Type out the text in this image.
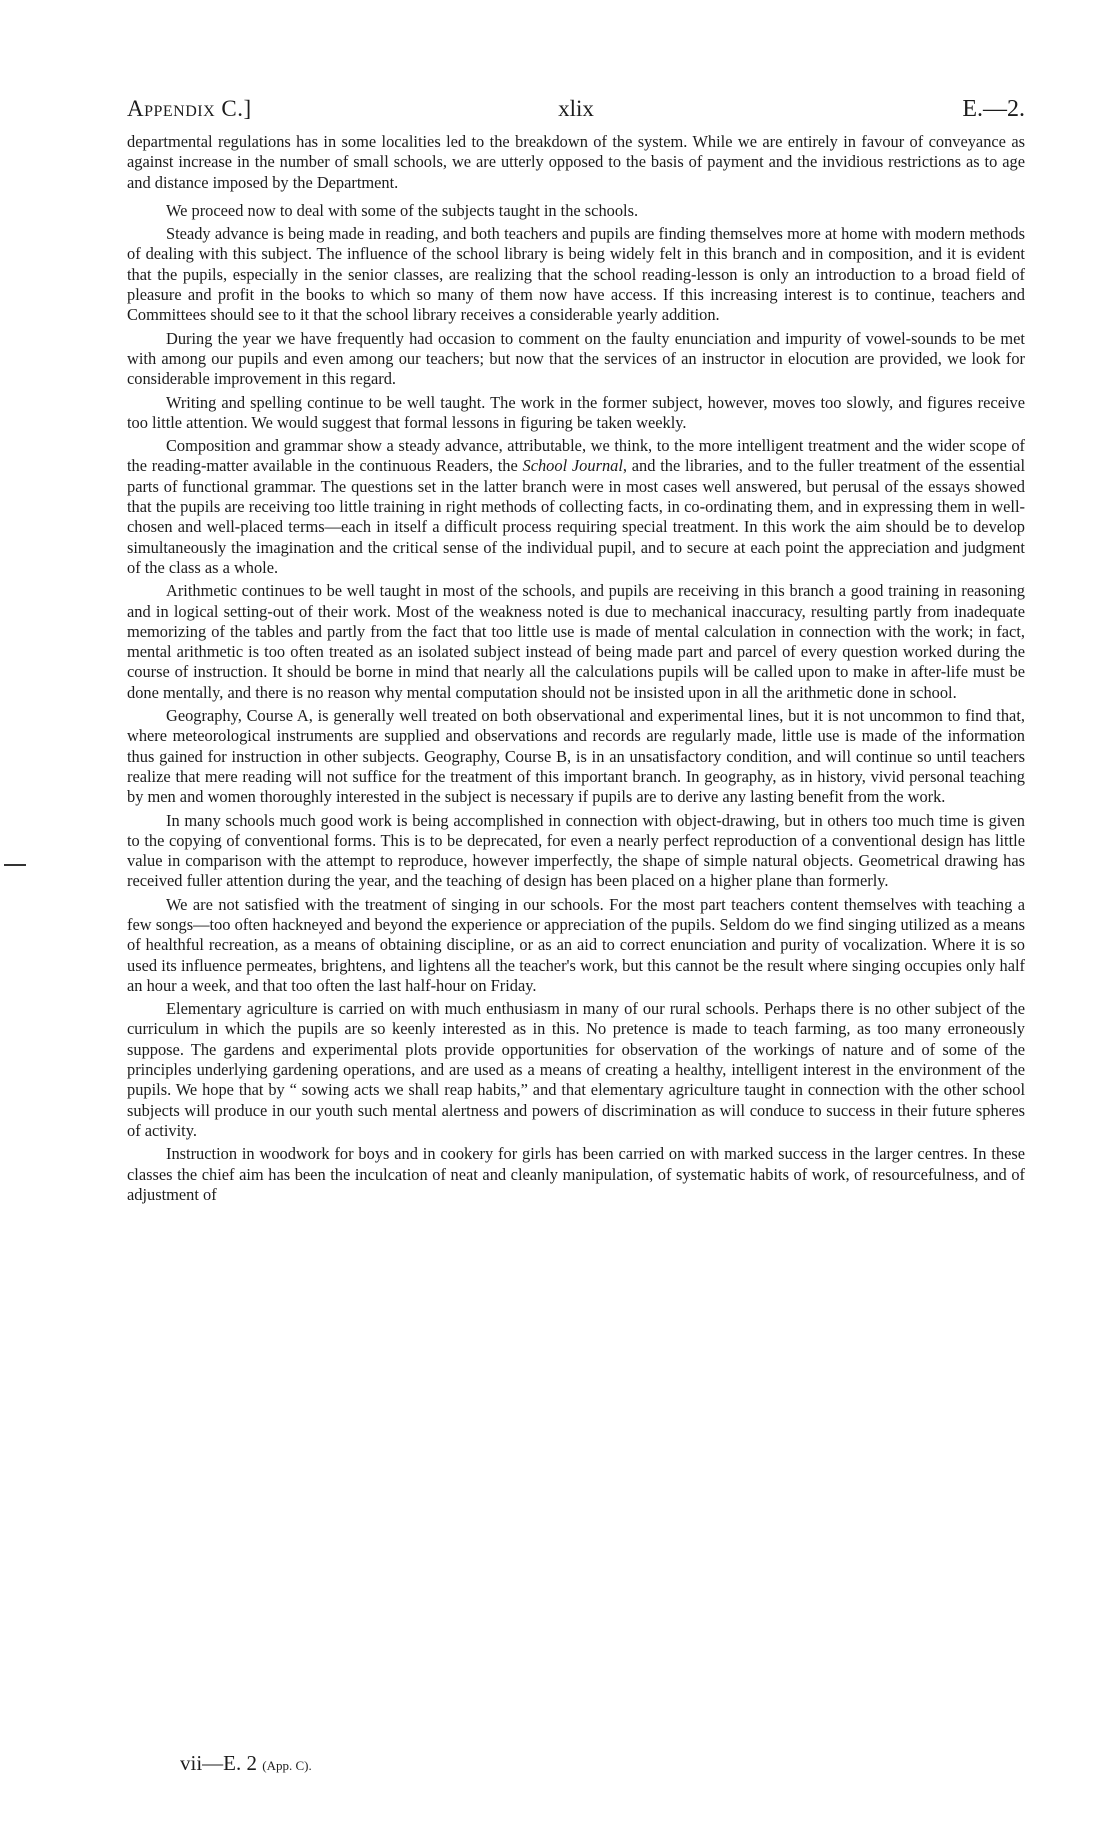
Appendix C.]	xlix	E.—2.

departmental regulations has in some localities led to the breakdown of the system. While we are entirely in favour of conveyance as against increase in the number of small schools, we are utterly opposed to the basis of payment and the invidious restrictions as to age and distance imposed by the Department.

We proceed now to deal with some of the subjects taught in the schools.

Steady advance is being made in reading, and both teachers and pupils are finding themselves more at home with modern methods of dealing with this subject. The influence of the school library is being widely felt in this branch and in composition, and it is evident that the pupils, especially in the senior classes, are realizing that the school reading-lesson is only an introduction to a broad field of pleasure and profit in the books to which so many of them now have access. If this increasing interest is to continue, teachers and Committees should see to it that the school library receives a considerable yearly addition.

During the year we have frequently had occasion to comment on the faulty enunciation and impurity of vowel-sounds to be met with among our pupils and even among our teachers; but now that the services of an instructor in elocution are provided, we look for considerable improvement in this regard.

Writing and spelling continue to be well taught. The work in the former subject, however, moves too slowly, and figures receive too little attention. We would suggest that formal lessons in figuring be taken weekly.

Composition and grammar show a steady advance, attributable, we think, to the more intelligent treatment and the wider scope of the reading-matter available in the continuous Readers, the School Journal, and the libraries, and to the fuller treatment of the essential parts of functional grammar. The questions set in the latter branch were in most cases well answered, but perusal of the essays showed that the pupils are receiving too little training in right methods of collecting facts, in co-ordinating them, and in expressing them in well-chosen and well-placed terms—each in itself a difficult process requiring special treatment. In this work the aim should be to develop simultaneously the imagination and the critical sense of the individual pupil, and to secure at each point the appreciation and judgment of the class as a whole.

Arithmetic continues to be well taught in most of the schools, and pupils are receiving in this branch a good training in reasoning and in logical setting-out of their work. Most of the weakness noted is due to mechanical inaccuracy, resulting partly from inadequate memorizing of the tables and partly from the fact that too little use is made of mental calculation in connection with the work; in fact, mental arithmetic is too often treated as an isolated subject instead of being made part and parcel of every question worked during the course of instruction. It should be borne in mind that nearly all the calculations pupils will be called upon to make in after-life must be done mentally, and there is no reason why mental computation should not be insisted upon in all the arithmetic done in school.

Geography, Course A, is generally well treated on both observational and experimental lines, but it is not uncommon to find that, where meteorological instruments are supplied and observations and records are regularly made, little use is made of the information thus gained for instruction in other subjects. Geography, Course B, is in an unsatisfactory condition, and will continue so until teachers realize that mere reading will not suffice for the treatment of this important branch. In geography, as in history, vivid personal teaching by men and women thoroughly interested in the subject is necessary if pupils are to derive any lasting benefit from the work.

In many schools much good work is being accomplished in connection with object-drawing, but in others too much time is given to the copying of conventional forms. This is to be deprecated, for even a nearly perfect reproduction of a conventional design has little value in comparison with the attempt to reproduce, however imperfectly, the shape of simple natural objects. Geometrical drawing has received fuller attention during the year, and the teaching of design has been placed on a higher plane than formerly.

We are not satisfied with the treatment of singing in our schools. For the most part teachers content themselves with teaching a few songs—too often hackneyed and beyond the experience or appreciation of the pupils. Seldom do we find singing utilized as a means of healthful recreation, as a means of obtaining discipline, or as an aid to correct enunciation and purity of vocalization. Where it is so used its influence permeates, brightens, and lightens all the teacher's work, but this cannot be the result where singing occupies only half an hour a week, and that too often the last half-hour on Friday.

Elementary agriculture is carried on with much enthusiasm in many of our rural schools. Perhaps there is no other subject of the curriculum in which the pupils are so keenly interested as in this. No pretence is made to teach farming, as too many erroneously suppose. The gardens and experimental plots provide opportunities for observation of the workings of nature and of some of the principles underlying gardening operations, and are used as a means of creating a healthy, intelligent interest in the environment of the pupils. We hope that by “ sowing acts we shall reap habits,” and that elementary agriculture taught in connection with the other school subjects will produce in our youth such mental alertness and powers of discrimination as will conduce to success in their future spheres of activity.

Instruction in woodwork for boys and in cookery for girls has been carried on with marked success in the larger centres. In these classes the chief aim has been the inculcation of neat and cleanly manipulation, of systematic habits of work, of resourcefulness, and of adjustment of

vii—E. 2 (App. C).
